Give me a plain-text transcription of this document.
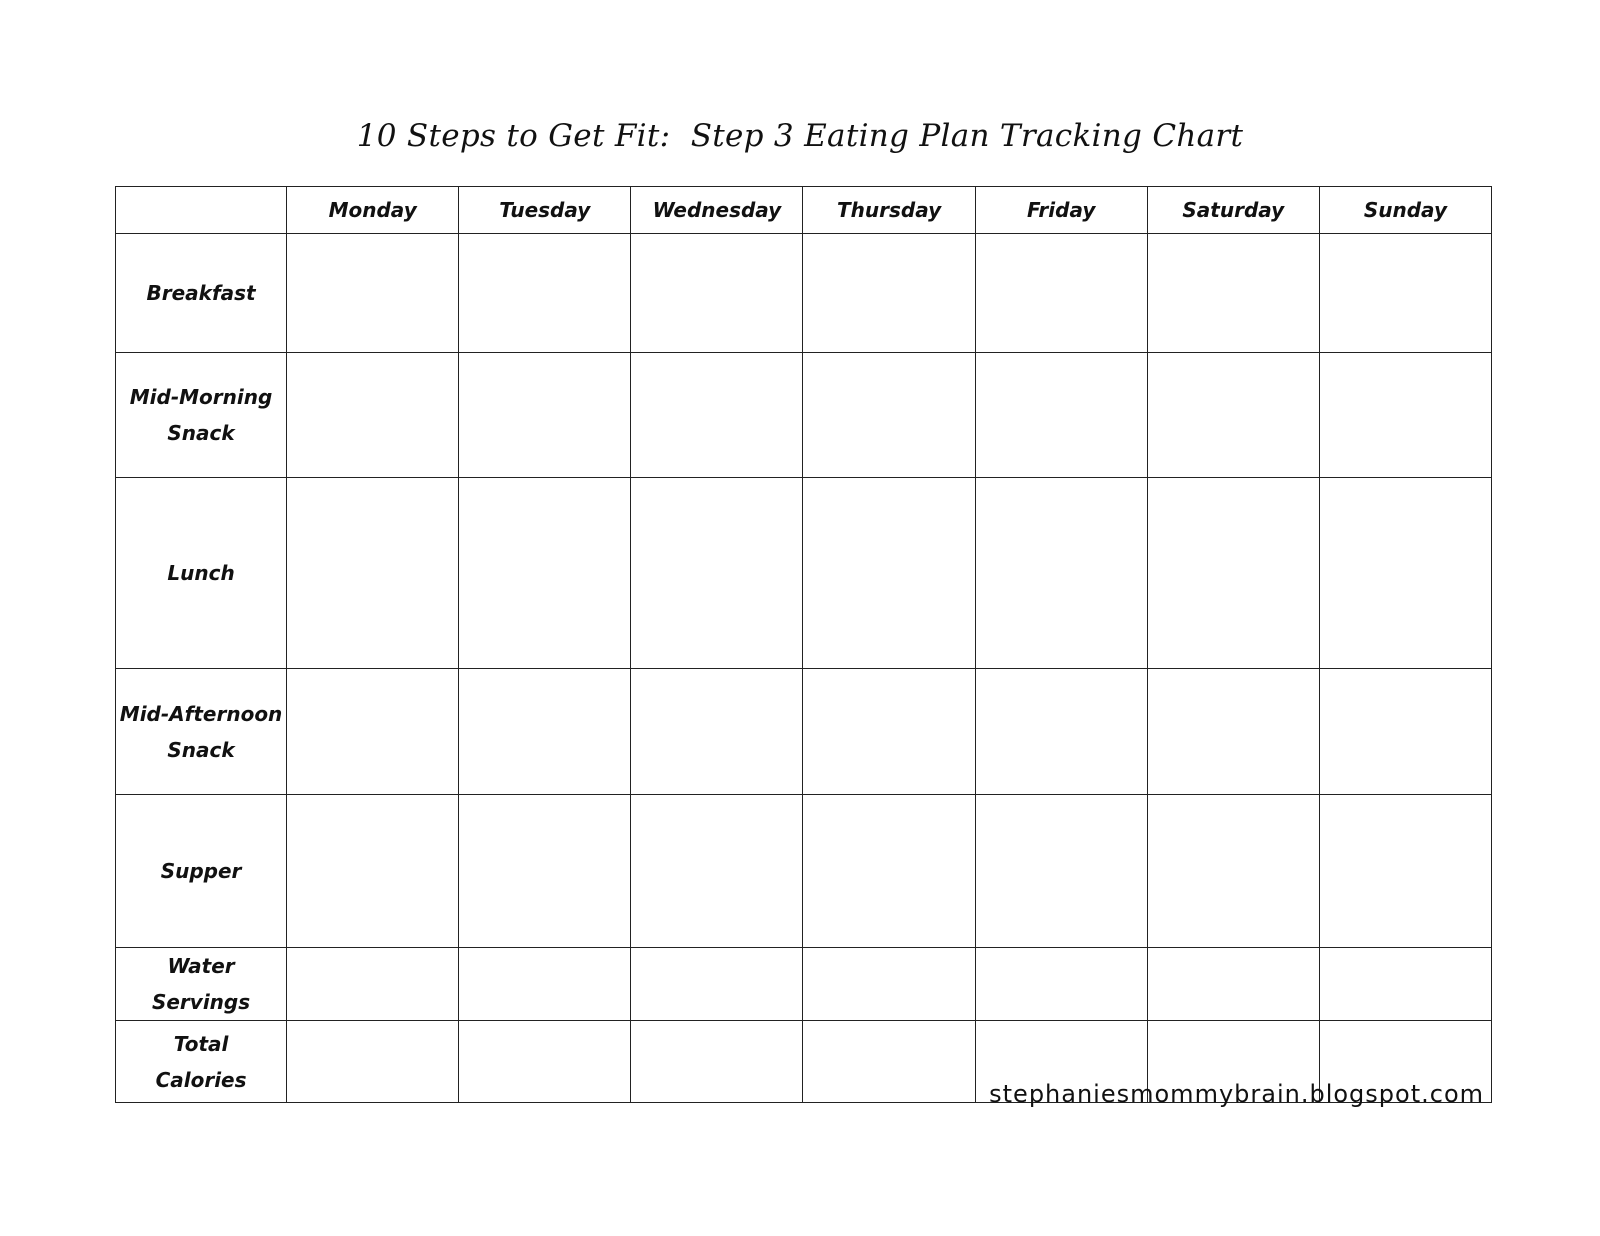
10 Steps to Get Fit:  Step 3 Eating Plan Tracking Chart
	Monday	Tuesday	Wednesday	Thursday	Friday	Saturday	Sunday

Breakfast							

Mid-Morning
Snack							

Lunch							

Mid-Afternoon
Snack							

Supper							

Water Servings							

Total
Calories							

stephaniesmommybrain.blogspot.com
